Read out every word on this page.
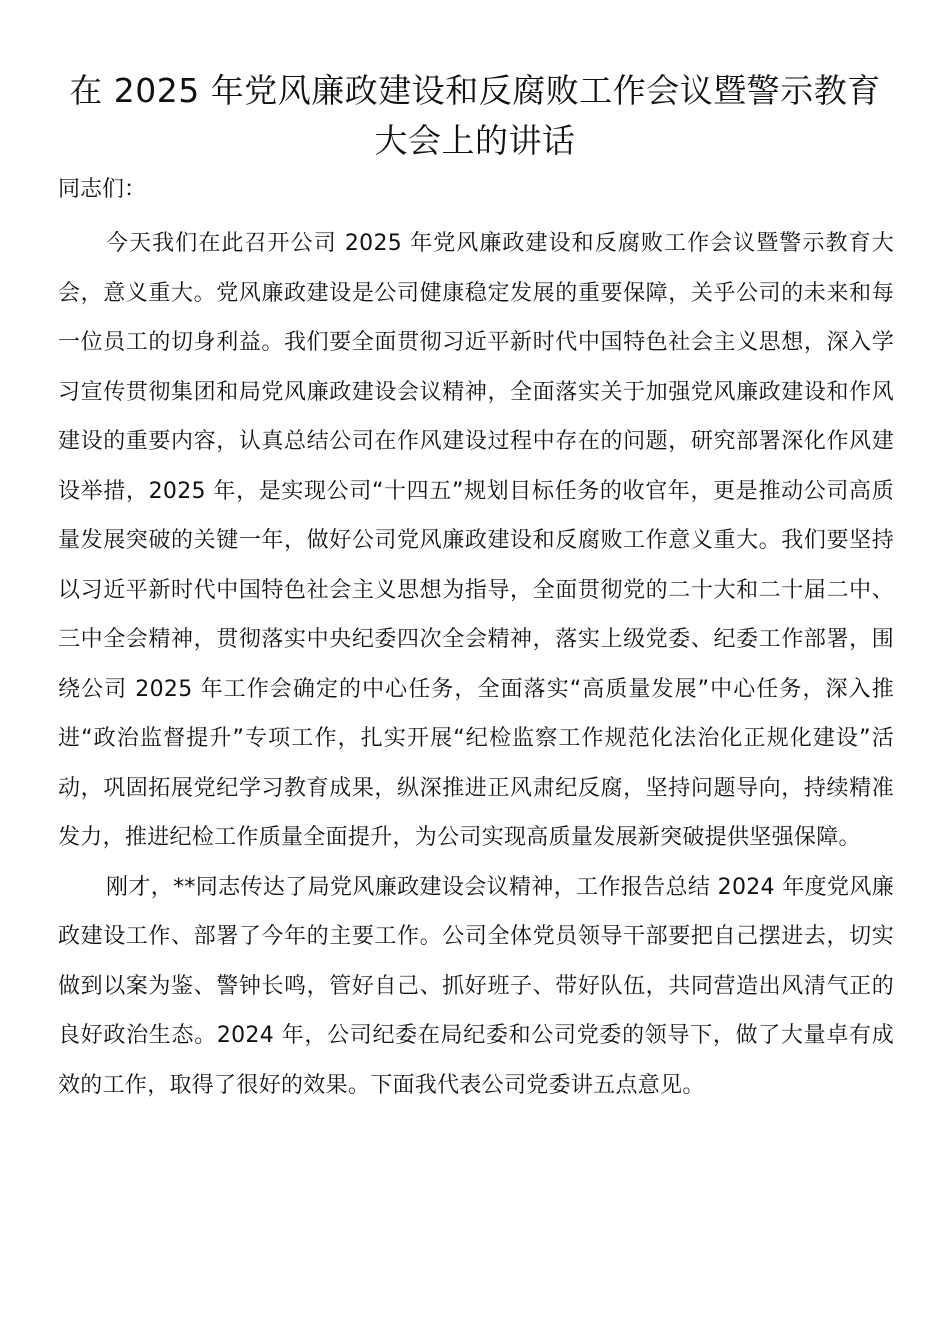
在 2025 年党风廉政建设和反腐败工作会议暨警示教育大会上的讲话

同志们：

今天我们在此召开公司 2025 年党风廉政建设和反腐败工作会议暨警示教育大会，意义重大。党风廉政建设是公司健康稳定发展的重要保障，关乎公司的未来和每一位员工的切身利益。我们要全面贯彻习近平新时代中国特色社会主义思想，深入学习宣传贯彻集团和局党风廉政建设会议精神，全面落实关于加强党风廉政建设和作风建设的重要内容，认真总结公司在作风建设过程中存在的问题，研究部署深化作风建设举措，2025 年，是实现公司“十四五”规划目标任务的收官年，更是推动公司高质量发展突破的关键一年，做好公司党风廉政建设和反腐败工作意义重大。我们要坚持以习近平新时代中国特色社会主义思想为指导，全面贯彻党的二十大和二十届二中、三中全会精神，贯彻落实中央纪委四次全会精神，落实上级党委、纪委工作部署，围绕公司 2025 年工作会确定的中心任务，全面落实“高质量发展”中心任务，深入推进“政治监督提升”专项工作，扎实开展“纪检监察工作规范化法治化正规化建设”活动，巩固拓展党纪学习教育成果，纵深推进正风肃纪反腐，坚持问题导向，持续精准发力，推进纪检工作质量全面提升，为公司实现高质量发展新突破提供坚强保障。

刚才，**同志传达了局党风廉政建设会议精神，工作报告总结 2024 年度党风廉政建设工作、部署了今年的主要工作。公司全体党员领导干部要把自己摆进去，切实做到以案为鉴、警钟长鸣，管好自己、抓好班子、带好队伍，共同营造出风清气正的良好政治生态。2024 年，公司纪委在局纪委和公司党委的领导下，做了大量卓有成效的工作，取得了很好的效果。下面我代表公司党委讲五点意见。
